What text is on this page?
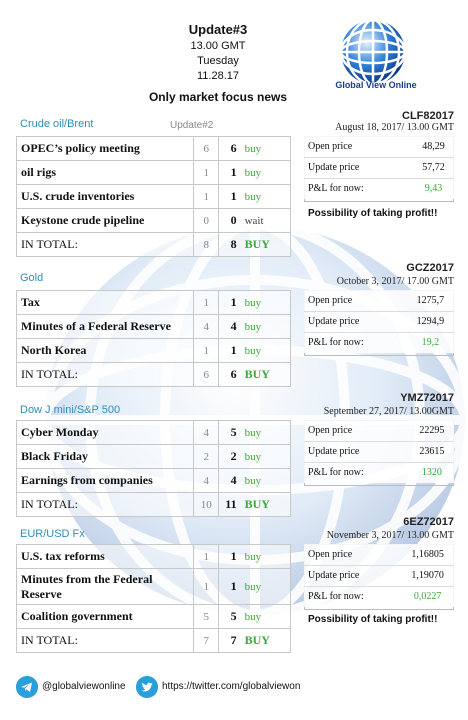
Update#3
13.00 GMT
Tuesday
11.28.17
Only market focus news
Global View Online
Crude oil/Brent	Update#2
CLF82017
August 18, 2017/ 13.00 GMT
OPEC’s policy meeting	6	6	buy
oil rigs	1	1	buy
U.S. crude inventories	1	1	buy
Keystone crude pipeline	0	0	wait
IN TOTAL:	8	8	BUY
Open price	48,29
Update price	57,72
P&L for now:	9,43
Possibility of taking profit!!
Gold
GCZ2017
October 3, 2017/ 17.00 GMT
Tax	1	1	buy
Minutes of a Federal Reserve	4	4	buy
North Korea	1	1	buy
IN TOTAL:	6	6	BUY
Open price	1275,7
Update price	1294,9
P&L for now:	19,2
Dow J mini/S&P 500
YMZ72017
September 27, 2017/ 13.00GMT
Cyber Monday	4	5	buy
Black Friday	2	2	buy
Earnings from companies	4	4	buy
IN TOTAL:	10	11	BUY
Open price	22295
Update price	23615
P&L for now:	1320
EUR/USD Fx
6EZ72017
November 3, 2017/ 13.00 GMT
U.S. tax reforms	1	1	buy
Minutes from the Federal Reserve	1	1	buy
Coalition government	5	5	buy
IN TOTAL:	7	7	BUY
Open price	1,16805
Update price	1,19070
P&L for now:	0,0227
Possibility of taking profit!!
@globalviewonline	https://twitter.com/globalviewon
